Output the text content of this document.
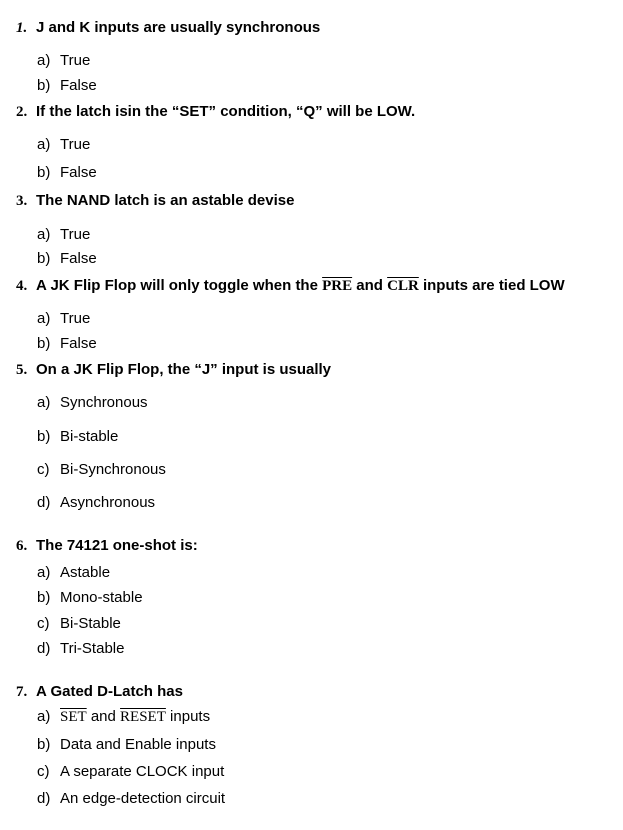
1. J and K inputs are usually synchronous
a) True
b) False
2. If the latch isin the “SET” condition, “Q” will be LOW.
a) True
b) False
3. The NAND latch is an astable devise
a) True
b) False
4. A JK Flip Flop will only toggle when the $\overline{PRE}$ and $\overline{CLR}$ inputs are tied LOW
a) True
b) False
5. On a JK Flip Flop, the “J” input is usually
a) Synchronous
b) Bi-stable
c) Bi-Synchronous
d) Asynchronous
6. The 74121 one-shot is:
a) Astable
b) Mono-stable
c) Bi-Stable
d) Tri-Stable
7. A Gated D-Latch has
a) $\overline{SET}$ and RESET inputs
b) Data and Enable inputs
c) A separate CLOCK input
d) An edge-detection circuit
